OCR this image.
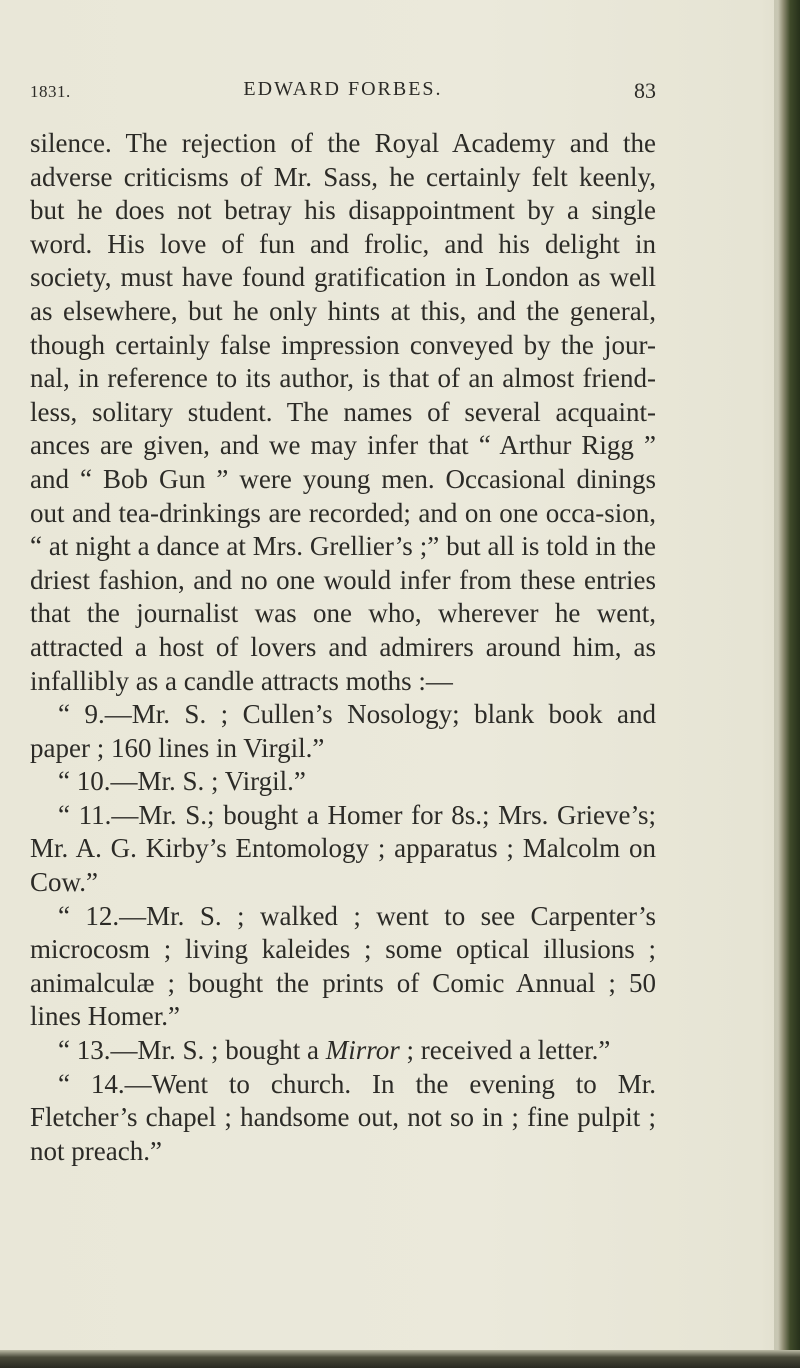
1831.	EDWARD FORBES.	83

silence. The rejection of the Royal Academy and the adverse criticisms of Mr. Sass, he certainly felt keenly, but he does not betray his disappointment by a single word. His love of fun and frolic, and his delight in society, must have found gratification in London as well as elsewhere, but he only hints at this, and the general, though certainly false impression conveyed by the jour-nal, in reference to its author, is that of an almost friend-less, solitary student. The names of several acquaint-ances are given, and we may infer that “ Arthur Rigg ” and “ Bob Gun ” were young men. Occasional dinings out and tea-drinkings are recorded; and on one occa-sion, “ at night a dance at Mrs. Grellier’s ;” but all is told in the driest fashion, and no one would infer from these entries that the journalist was one who, wherever he went, attracted a host of lovers and admirers around him, as infallibly as a candle attracts moths :—

“ 9.—Mr. S. ; Cullen’s Nosology; blank book and paper ; 160 lines in Virgil.”

“ 10.—Mr. S. ; Virgil.”

“ 11.—Mr. S.; bought a Homer for 8s.; Mrs. Grieve’s; Mr. A. G. Kirby’s Entomology ; apparatus ; Malcolm on Cow.”

“ 12.—Mr. S. ; walked ; went to see Carpenter’s microcosm ; living kaleides ; some optical illusions ; animalculæ ; bought the prints of Comic Annual ; 50 lines Homer.”

“ 13.—Mr. S. ; bought a Mirror ; received a letter.”

“ 14.—Went to church. In the evening to Mr. Fletcher’s chapel ; handsome out, not so in ; fine pulpit ; not preach.”
